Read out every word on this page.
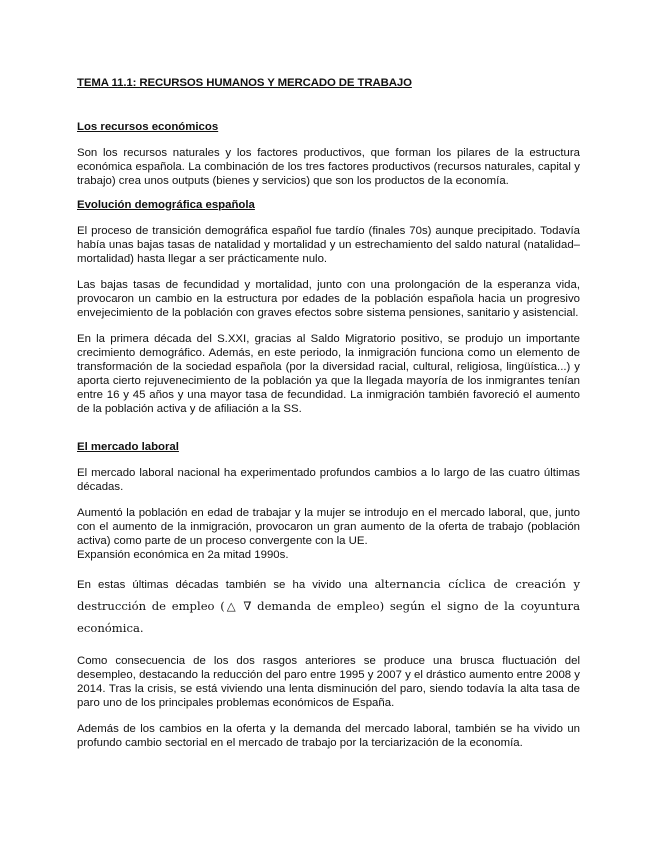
TEMA 11.1: RECURSOS HUMANOS Y MERCADO DE TRABAJO
Los recursos económicos

Son los recursos naturales y los factores productivos, que forman los pilares de la estructura económica española. La combinación de los tres factores productivos (recursos naturales, capital y trabajo) crea unos outputs (bienes y servicios) que son los productos de la economía.

Evolución demográfica española

El proceso de transición demográfica español fue tardío (finales 70s) aunque precipitado. Todavía había unas bajas tasas de natalidad y mortalidad y un estrechamiento del saldo natural (natalidad–mortalidad) hasta llegar a ser prácticamente nulo.

Las bajas tasas de fecundidad y mortalidad, junto con una prolongación de la esperanza vida, provocaron un cambio en la estructura por edades de la población española hacia un progresivo envejecimiento de la población con graves efectos sobre sistema pensiones, sanitario y asistencial.

En la primera década del S.XXI, gracias al Saldo Migratorio positivo, se produjo un importante crecimiento demográfico. Además, en este periodo, la inmigración funciona como un elemento de transformación de la sociedad española (por la diversidad racial, cultural, religiosa, lingüística...) y aporta cierto rejuvenecimiento de la población ya que la llegada mayoría de los inmigrantes tenían entre 16 y 45 años y una mayor tasa de fecundidad. La inmigración también favoreció el aumento de la población activa y de afiliación a la SS.

El mercado laboral

El mercado laboral nacional ha experimentado profundos cambios a lo largo de las cuatro últimas décadas.

Aumentó la población en edad de trabajar y la mujer se introdujo en el mercado laboral, que, junto con el aumento de la inmigración, provocaron un gran aumento de la oferta de trabajo (población activa) como parte de un proceso convergente con la UE.

Expansión económica en 2a mitad 1990s.

En estas últimas décadas también se ha vivido una alternancia cíclica de creación y destrucción de empleo (△ ∇ demanda de empleo) según el signo de la coyuntura económica.

Como consecuencia de los dos rasgos anteriores se produce una brusca fluctuación del desempleo, destacando la reducción del paro entre 1995 y 2007 y el drástico aumento entre 2008 y 2014. Tras la crisis, se está viviendo una lenta disminución del paro, siendo todavía la alta tasa de paro uno de los principales problemas económicos de España.

Además de los cambios en la oferta y la demanda del mercado laboral, también se ha vivido un profundo cambio sectorial en el mercado de trabajo por la terciarización de la economía.
